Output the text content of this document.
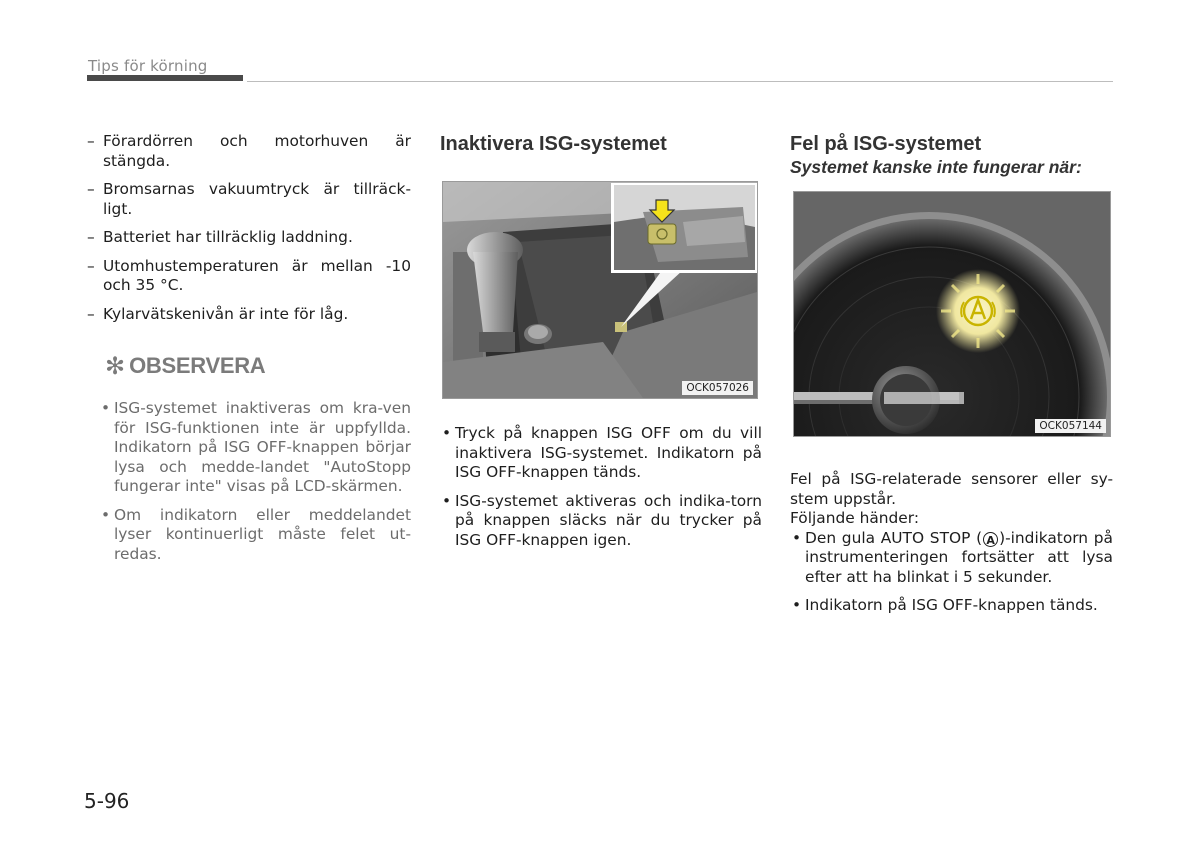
Tips för körning
– Förardörren och motorhuven är stängda.
– Bromsarnas vakuumtryck är tillräck-ligt.
– Batteriet har tillräcklig laddning.
– Utomhustemperaturen är mellan -10 och 35 °C.
– Kylarvätskenivån är inte för låg.
✻ OBSERVERA
• ISG-systemet inaktiveras om kra-ven för ISG-funktionen inte är uppfyllda. Indikatorn på ISG OFF-knappen börjar lysa och medde-landet "AutoStopp fungerar inte" visas på LCD-skärmen.
• Om indikatorn eller meddelandet lyser kontinuerligt måste felet ut-redas.
Inaktivera ISG-systemet
OCK057026
• Tryck på knappen ISG OFF om du vill inaktivera ISG-systemet. Indikatorn på ISG OFF-knappen tänds.
• ISG-systemet aktiveras och indika-torn på knappen släcks när du trycker på ISG OFF-knappen igen.
Fel på ISG-systemet
Systemet kanske inte fungerar när:
OCK057144
Fel på ISG-relaterade sensorer eller sy-stem uppstår.
Följande händer:
• Den gula AUTO STOP ( A )-indikatorn på instrumenteringen fortsätter att lysa efter att ha blinkat i 5 sekunder.
• Indikatorn på ISG OFF-knappen tänds.
5-96
